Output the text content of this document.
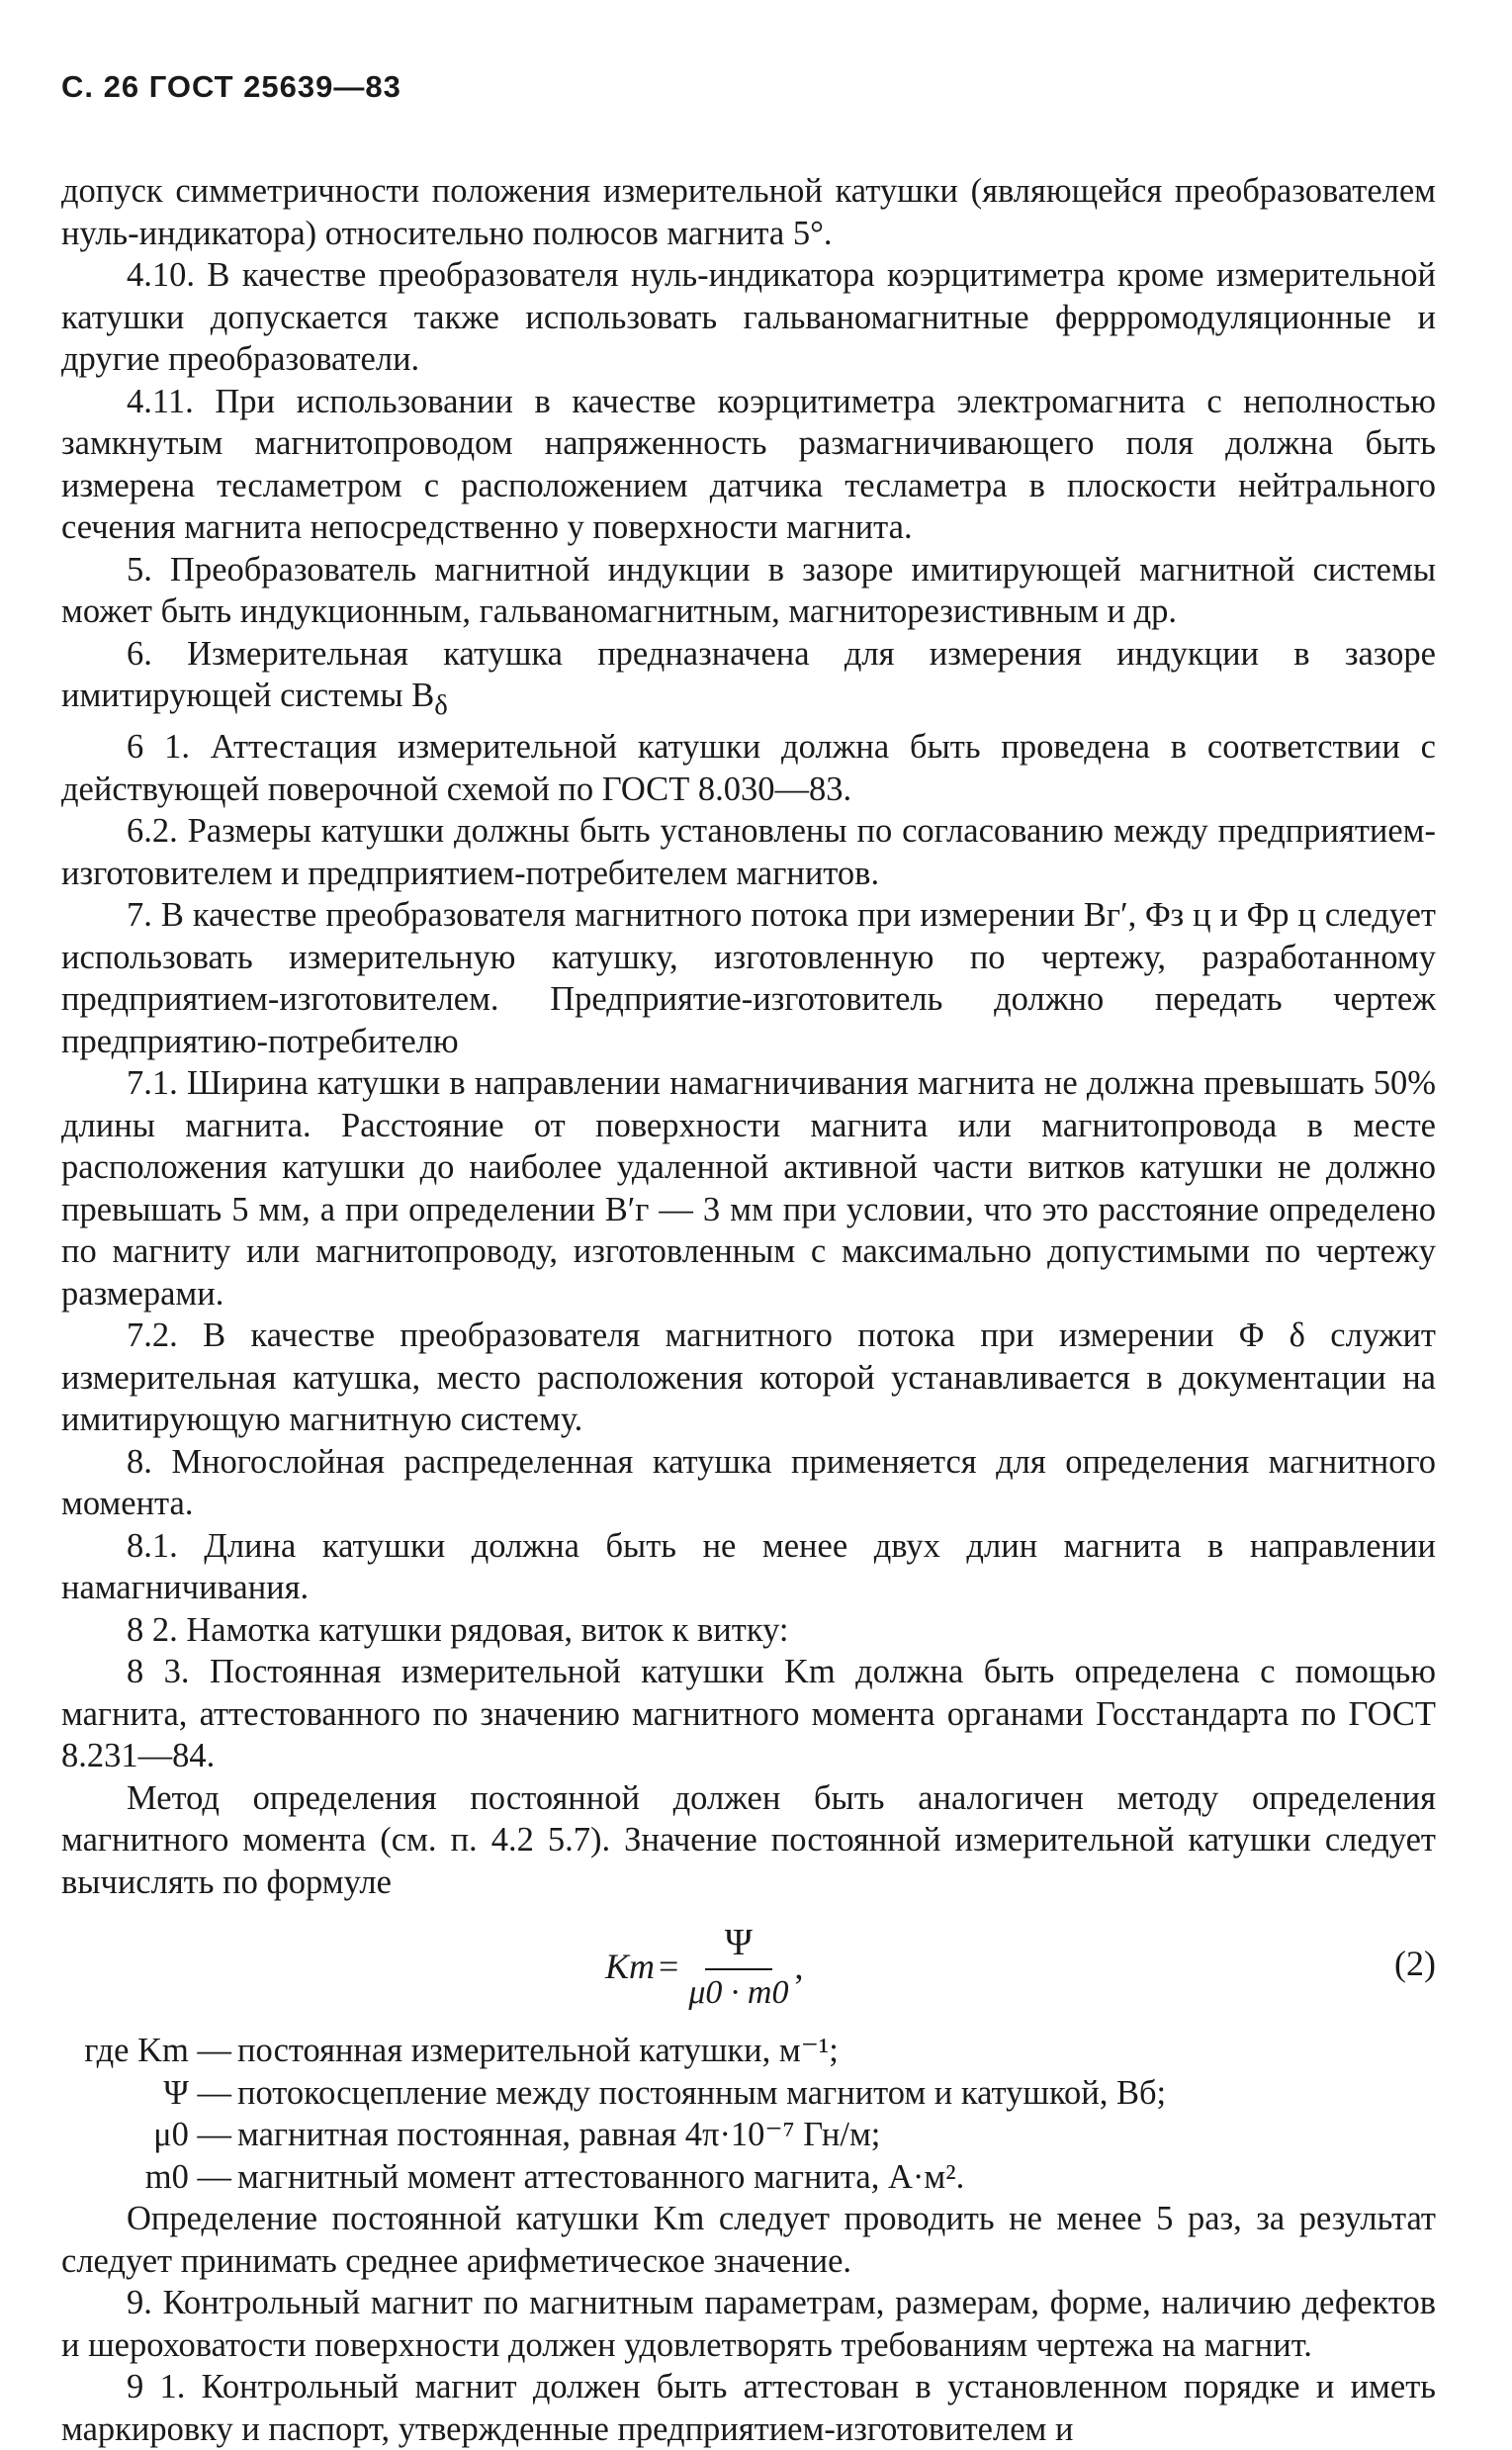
С. 26 ГОСТ 25639—83

допуск симметричности положения измерительной катушки (являющейся преобразователем нуль-индикатора) относительно полюсов магнита 5°.

4.10. В качестве преобразователя нуль-индикатора коэрцитиметра кроме измерительной катушки допускается также использовать гальваномагнитные феррромодуляционные и другие преобразователи.

4.11. При использовании в качестве коэрцитиметра электромагнита с неполностью замкнутым магнитопроводом напряженность размагничивающего поля должна быть измерена тесламетром с расположением датчика тесламетра в плоскости нейтрального сечения магнита непосредственно у поверхности магнита.

5. Преобразователь магнитной индукции в зазоре имитирующей магнитной системы может быть индукционным, гальваномагнитным, магниторезистивным и др.

6. Измерительная катушка предназначена для измерения индукции в зазоре имитирующей системы $B_\delta$

6 1. Аттестация измерительной катушки должна быть проведена в соответствии с действующей поверочной схемой по ГОСТ 8.030—83.

6.2. Размеры катушки должны быть установлены по согласованию между предприятием-изготовителем и предприятием-потребителем магнитов.

7. В качестве преобразователя магнитного потока при измерении Bг′, Φз ц и Φр ц следует использовать измерительную катушку, изготовленную по чертежу, разработанному предприятием-изготовителем. Предприятие-изготовитель должно передать чертеж предприятию-потребителю

7.1. Ширина катушки в направлении намагничивания магнита не должна превышать 50% длины магнита. Расстояние от поверхности магнита или магнитопровода в месте расположения катушки до наиболее удаленной активной части витков катушки не должно превышать 5 мм, а при определении B′г — 3 мм при условии, что это расстояние определено по магниту или магнитопроводу, изготовленным с максимально допустимыми по чертежу размерами.

7.2. В качестве преобразователя магнитного потока при измерении Φ δ служит измерительная катушка, место расположения которой устанавливается в документации на имитирующую магнитную систему.

8. Многослойная распределенная катушка применяется для определения магнитного момента.

8.1. Длина катушки должна быть не менее двух длин магнита в направлении намагничивания.

8 2. Намотка катушки рядовая, виток к витку:

8 3. Постоянная измерительной катушки Km должна быть определена с помощью магнита, аттестованного по значению магнитного момента органами Госстандарта по ГОСТ 8.231—84.

Метод определения постоянной должен быть аналогичен методу определения магнитного момента (см. п. 4.2 5.7). Значение постоянной измерительной катушки следует вычислять по формуле

$Km = \frac{\Psi}{\mu 0 \cdot m0}$ ,	(2)
где Km — постоянная измерительной катушки, м⁻¹;
Ψ — потокосцепление между постоянным магнитом и катушкой, Вб;
μ0 — магнитная постоянная, равная 4π·10⁻⁷ Гн/м;
m0 — магнитный момент аттестованного магнита, А·м².

Определение постоянной катушки Km следует проводить не менее 5 раз, за результат следует принимать среднее арифметическое значение.

9. Контрольный магнит по магнитным параметрам, размерам, форме, наличию дефектов и шероховатости поверхности должен удовлетворять требованиям чертежа на магнит.

9 1. Контрольный магнит должен быть аттестован в установленном порядке и иметь маркировку и паспорт, утвержденные предприятием-изготовителем и
